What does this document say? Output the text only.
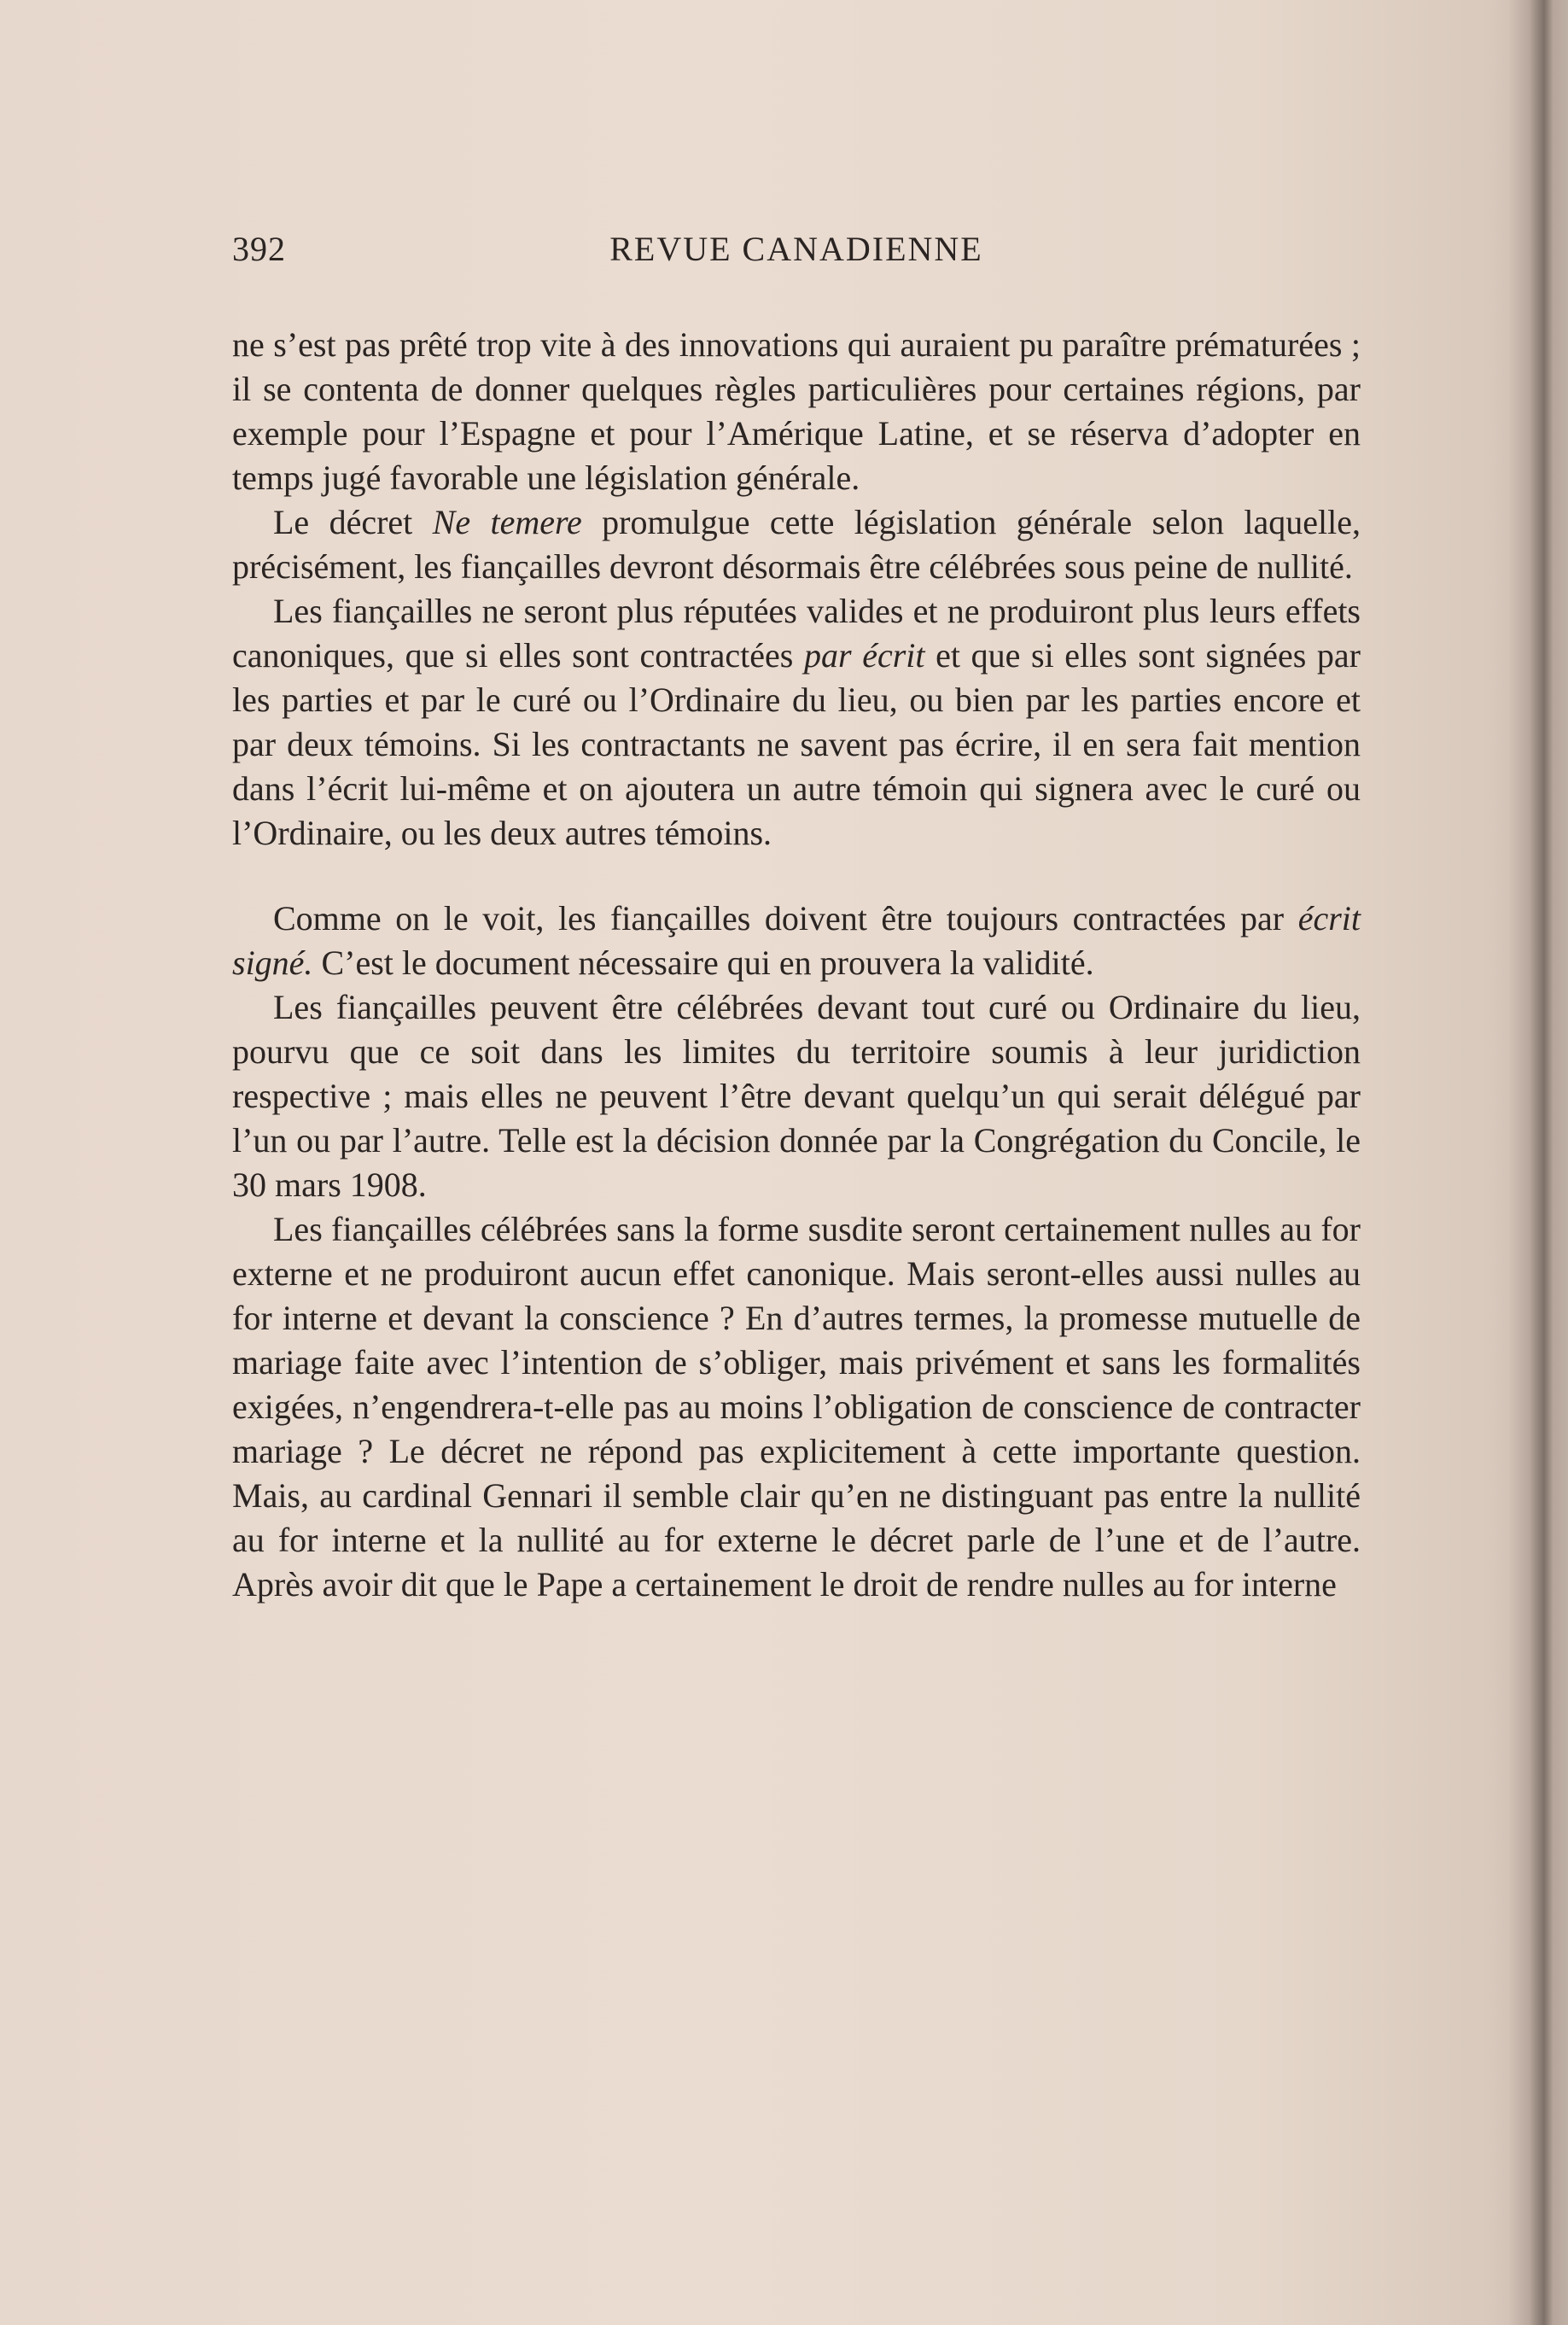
392	REVUE CANADIENNE

ne s’est pas prêté trop vite à des innovations qui auraient pu paraître prématurées ; il se contenta de donner quelques règles particulières pour certaines régions, par exemple pour l’Espagne et pour l’Amérique Latine, et se réserva d’adopter en temps jugé favorable une législation générale.

Le décret Ne temere promulgue cette législation générale selon laquelle, précisément, les fiançailles devront désormais être célébrées sous peine de nullité.

Les fiançailles ne seront plus réputées valides et ne produiront plus leurs effets canoniques, que si elles sont contractées par écrit et que si elles sont signées par les parties et par le curé ou l’Ordinaire du lieu, ou bien par les parties encore et par deux témoins. Si les contractants ne savent pas écrire, il en sera fait mention dans l’écrit lui-même et on ajoutera un autre témoin qui signera avec le curé ou l’Ordinaire, ou les deux autres témoins.

Comme on le voit, les fiançailles doivent être toujours contractées par écrit signé. C’est le document nécessaire qui en prouvera la validité.

Les fiançailles peuvent être célébrées devant tout curé ou Ordinaire du lieu, pourvu que ce soit dans les limites du territoire soumis à leur juridiction respective ; mais elles ne peuvent l’être devant quelqu’un qui serait délégué par l’un ou par l’autre. Telle est la décision donnée par la Congrégation du Concile, le 30 mars 1908.

Les fiançailles célébrées sans la forme susdite seront certainement nulles au for externe et ne produiront aucun effet canonique. Mais seront-elles aussi nulles au for interne et devant la conscience ? En d’autres termes, la promesse mutuelle de mariage faite avec l’intention de s’obliger, mais privément et sans les formalités exigées, n’engendrera-t-elle pas au moins l’obligation de conscience de contracter mariage ? Le décret ne répond pas explicitement à cette importante question. Mais, au cardinal Gennari il semble clair qu’en ne distinguant pas entre la nullité au for interne et la nullité au for externe le décret parle de l’une et de l’autre. Après avoir dit que le Pape a certainement le droit de rendre nulles au for interne
